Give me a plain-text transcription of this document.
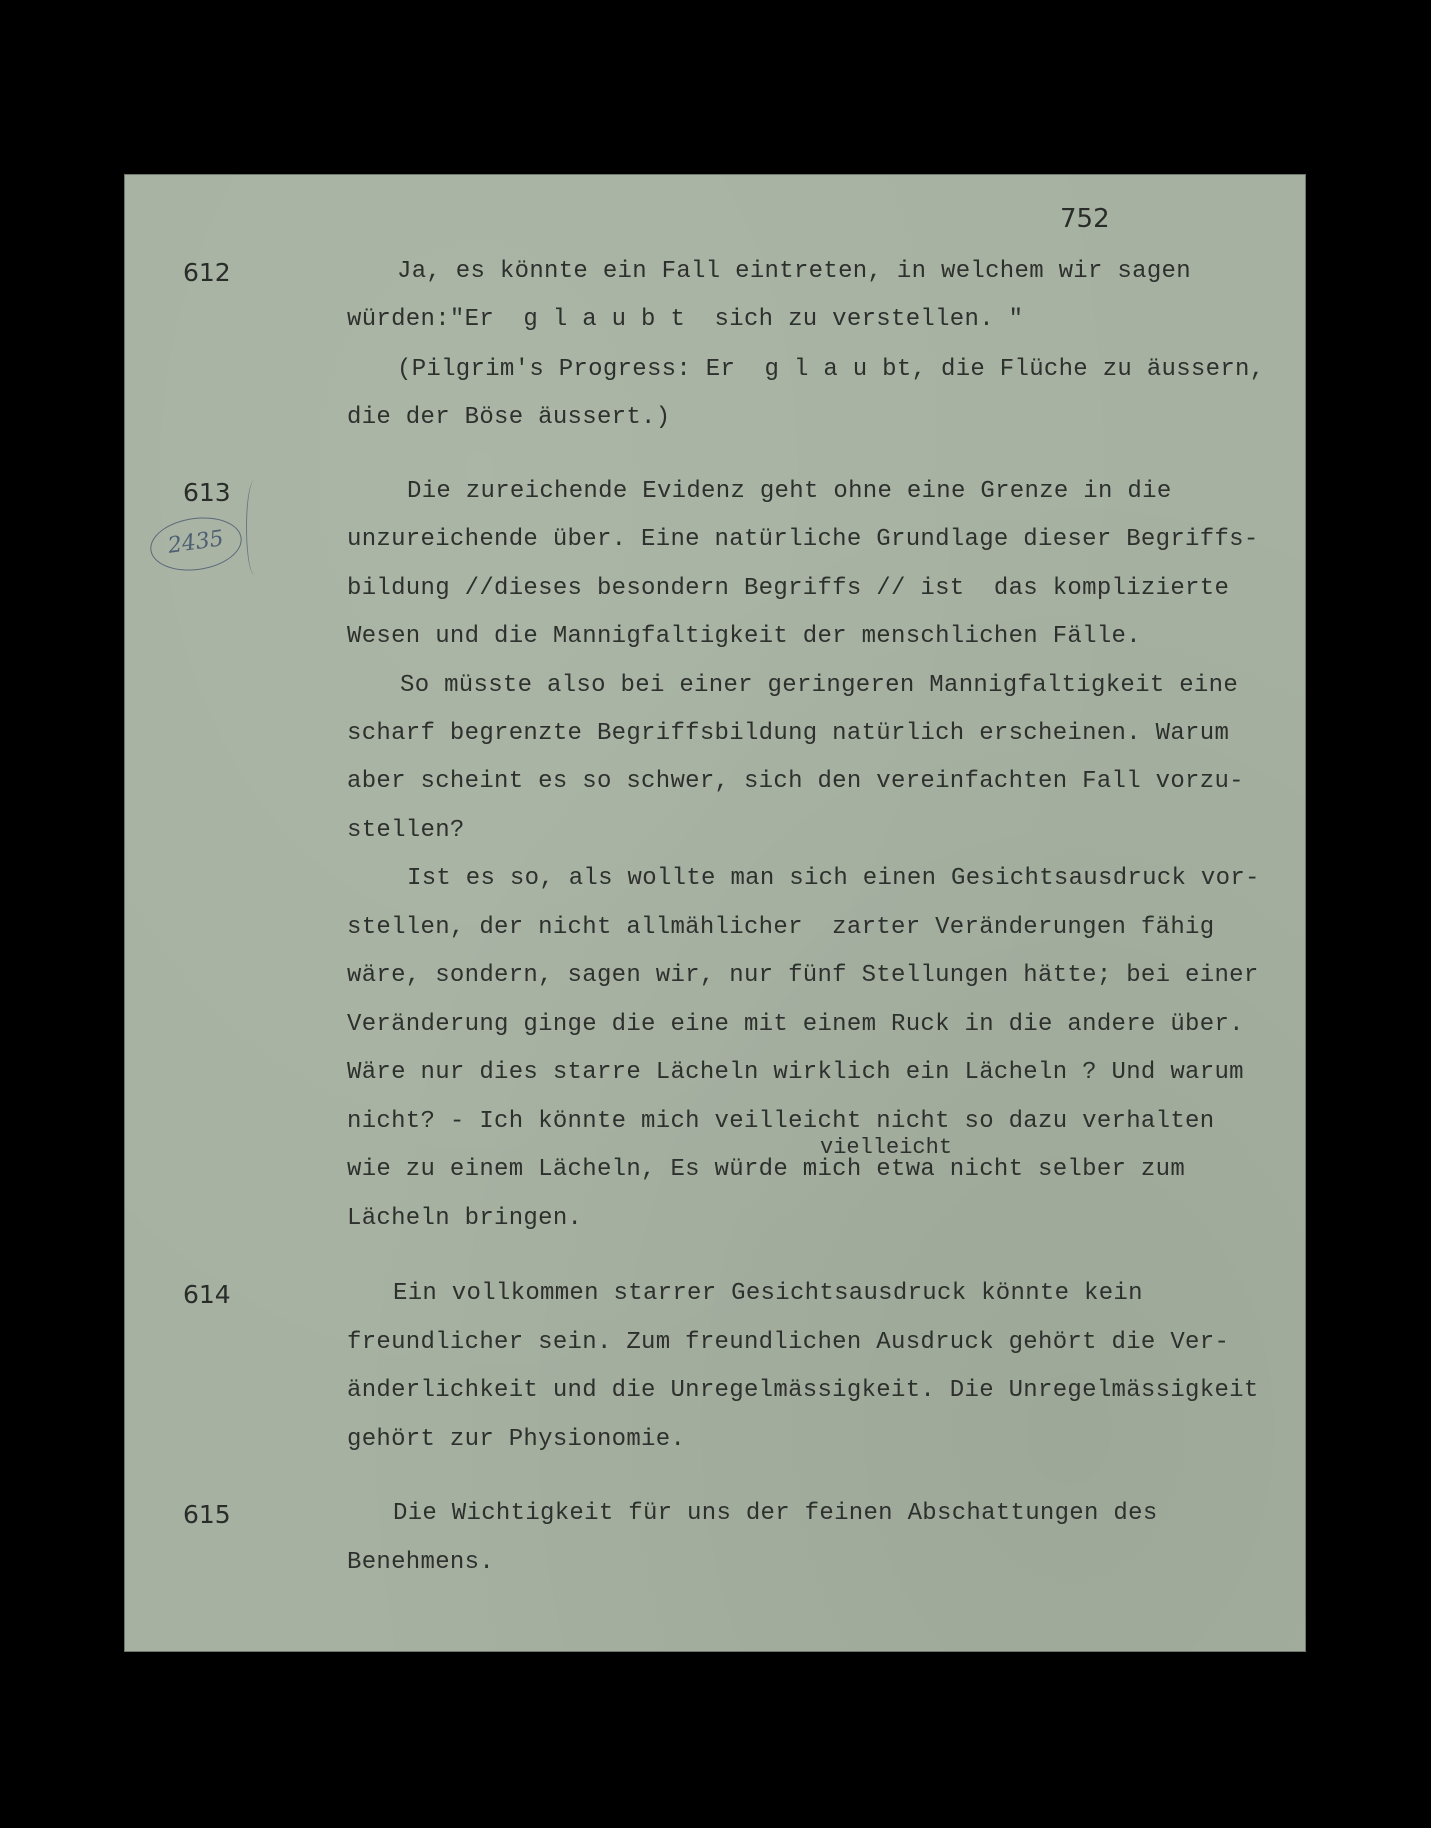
752
612	Ja, es könnte ein Fall eintreten, in welchem wir sagen
würden:"Er  g l a u b t  sich zu verstellen. "
(Pilgrim's Progress: Er  g l a u bt, die Flüche zu äussern,
die der Böse äussert.)
613
2435
Die zureichende Evidenz geht ohne eine Grenze in die
unzureichende über. Eine natürliche Grundlage dieser Begriffs-
bildung //dieses besondern Begriffs // ist  das komplizierte
Wesen und die Mannigfaltigkeit der menschlichen Fälle.
So müsste also bei einer geringeren Mannigfaltigkeit eine
scharf begrenzte Begriffsbildung natürlich erscheinen. Warum
aber scheint es so schwer, sich den vereinfachten Fall vorzu-
stellen?
Ist es so, als wollte man sich einen Gesichtsausdruck vor-
stellen, der nicht allmählicher  zarter Veränderungen fähig
wäre, sondern, sagen wir, nur fünf Stellungen hätte; bei einer
Veränderung ginge die eine mit einem Ruck in die andere über.
Wäre nur dies starre Lächeln wirklich ein Lächeln ? Und warum
nicht? - Ich könnte mich veilleicht nicht so dazu verhalten
vielleicht
wie zu einem Lächeln, Es würde mich etwa nicht selber zum
Lächeln bringen.
614	Ein vollkommen starrer Gesichtsausdruck könnte kein
freundlicher sein. Zum freundlichen Ausdruck gehört die Ver-
änderlichkeit und die Unregelmässigkeit. Die Unregelmässigkeit
gehört zur Physionomie.
615	Die Wichtigkeit für uns der feinen Abschattungen des
Benehmens.
